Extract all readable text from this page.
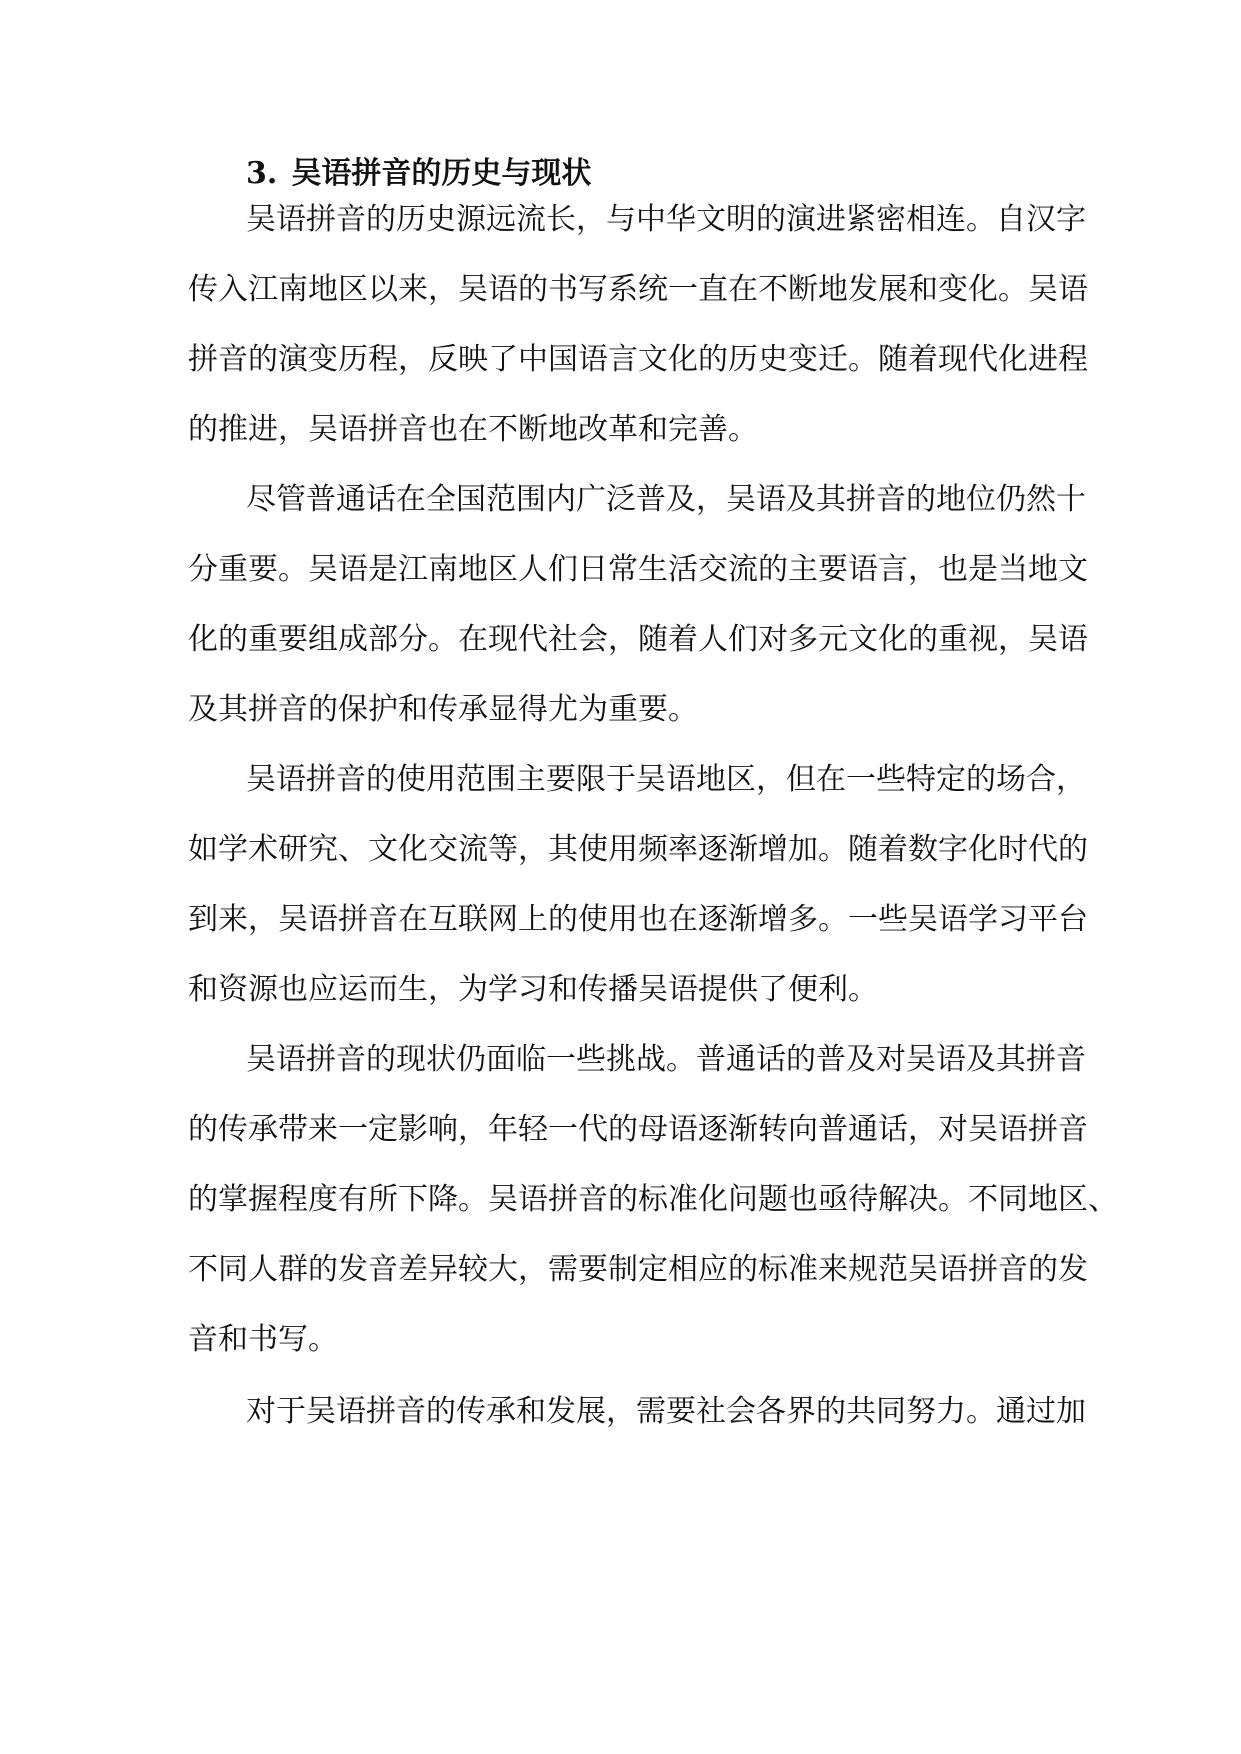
3. 吴语拼音的历史与现状
吴语拼音的历史源远流长，与中华文明的演进紧密相连。自汉字
传入江南地区以来，吴语的书写系统一直在不断地发展和变化。吴语
拼音的演变历程，反映了中国语言文化的历史变迁。随着现代化进程
的推进，吴语拼音也在不断地改革和完善。
尽管普通话在全国范围内广泛普及，吴语及其拼音的地位仍然十
分重要。吴语是江南地区人们日常生活交流的主要语言，也是当地文
化的重要组成部分。在现代社会，随着人们对多元文化的重视，吴语
及其拼音的保护和传承显得尤为重要。
吴语拼音的使用范围主要限于吴语地区，但在一些特定的场合，
如学术研究、文化交流等，其使用频率逐渐增加。随着数字化时代的
到来，吴语拼音在互联网上的使用也在逐渐增多。一些吴语学习平台
和资源也应运而生，为学习和传播吴语提供了便利。
吴语拼音的现状仍面临一些挑战。普通话的普及对吴语及其拼音
的传承带来一定影响，年轻一代的母语逐渐转向普通话，对吴语拼音
的掌握程度有所下降。吴语拼音的标准化问题也亟待解决。不同地区、
不同人群的发音差异较大，需要制定相应的标准来规范吴语拼音的发
音和书写。
对于吴语拼音的传承和发展，需要社会各界的共同努力。通过加
